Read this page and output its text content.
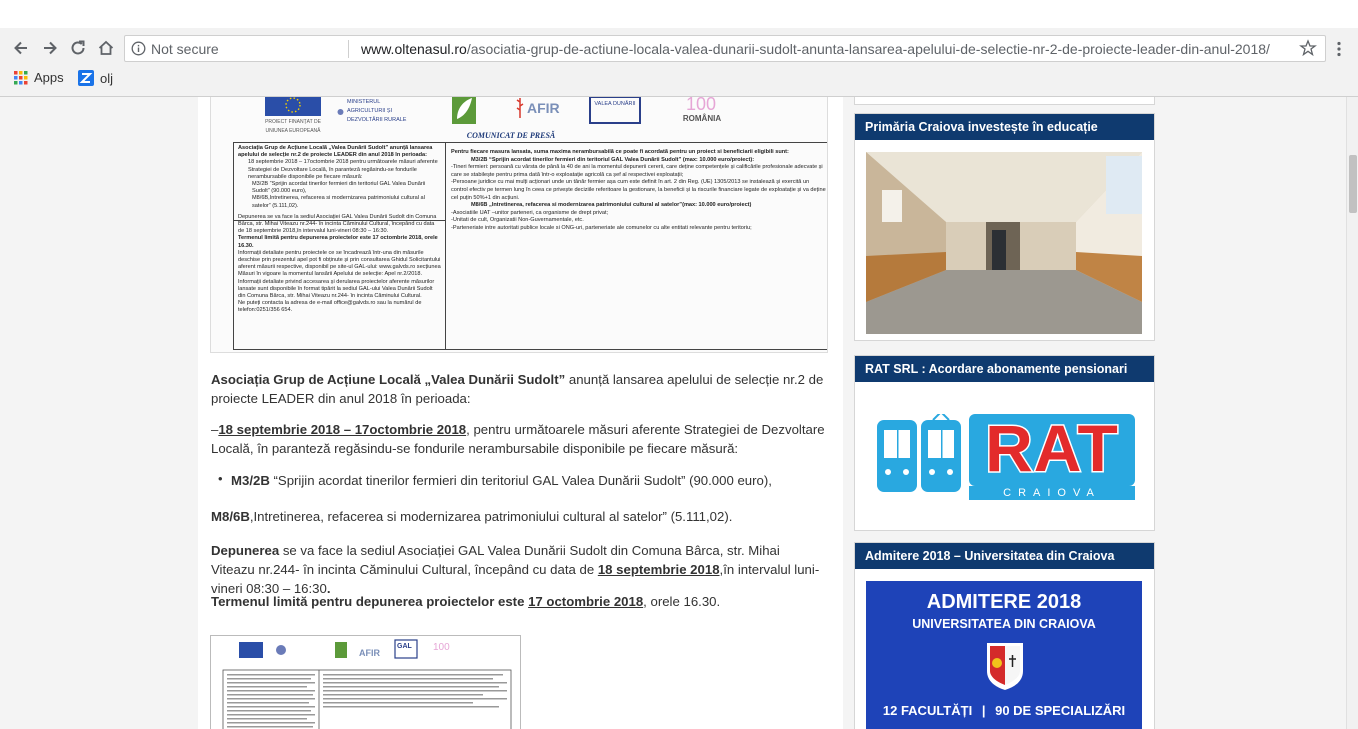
Not secure	www.oltenasul.ro/asociatia-grup-de-actiune-locala-valea-dunarii-sudolt-anunta-lansarea-apelului-de-selectie-nr-2-de-proiecte-leader-din-anul-2018/
Apps	olj
PROIECT FINANȚAT DE UNIUNEA EUROPEANĂ
MINISTERUL AGRICULTURII ȘI DEZVOLTĂRII RURALE
AFIR	VALEA DUNĂRII	100
ROMÂNIA
COMUNICAT DE PRESĂ
Asociația Grup de Acțiune Locală „Valea Dunării Sudolt” anunță lansarea apelului de selecție nr.2 de proiecte LEADER din anul 2018 în perioada:
18 septembrie 2018 – 17octombrie 2018 pentru următoarele măsuri aferente Strategiei de Dezvoltare Locală, în paranteză regăsindu-se fondurile nerambursabile disponibile pe fiecare măsură:
M3/2B “Sprijin acordat tinerilor fermieri din teritoriul GAL Valea Dunării Sudolt” (90.000 euro),
M8/6B,Intretinerea, refacerea si modernizarea patrimoniului cultural al satelor” (5.111,02).
Depunerea se va face la sediul Asociației GAL Valea Dunării Sudolt din Comuna Bârca, str. Mihai Viteazu nr.244- în incinta Căminului Cultural, începând cu data de 18 septembrie 2018,în intervalul luni-vineri 08:30 – 16:30.
Termenul limită pentru depunerea proiectelor este 17 octombrie 2018, orele 16.30.
Informații detaliate pentru proiectele ce se încadrează într-una din măsurile deschise prin prezentul apel pot fi obținute și prin consultarea Ghidul Solicitantului aferent măsurii respective, disponibil pe site-ul GAL-ului: www.galvds.ro secțiunea Măsuri în vigoare la momentul lansării Apelului de selecție: Apel nr.2/2018.
Informații detaliate privind accesarea și derularea proiectelor aferente măsurilor lansate sunt disponibile în format tipărit la sediul GAL-ului Valea Dunării Sudolt din Comuna Bârca, str. Mihai Viteazu nr.244- în incinta Căminului Cultural.
Ne puteți contacta la adresa de e-mail office@galvds.ro sau la numărul de telefon:0251/356 654.
Pentru fiecare masura lansata, suma maxima nerambursabilă ce poate fi acordată pentru un proiect si beneficiarii eligibili sunt:
M3/2B “Sprijin acordat tinerilor fermieri din teritoriul GAL Valea Dunării Sudolt” (max: 10.000 euro/proiect):
-Tineri fermieri: persoană cu vârsta de până la 40 de ani la momentul depunerii cererii, care deține competențele și calificările profesionale adecvate și care se stabilește pentru prima dată într-o exploatație agricolă ca șef al respectivei exploatații;
-Persoane juridice cu mai mulți acționari unde un tânăr fermier așa cum este definit în art. 2 din Reg. (UE) 1305/2013 se instalează și exercită un control efectiv pe termen lung în ceea ce privește deciziile referitoare la gestionare, la beneficii și la riscurile financiare legate de exploatație și va deține cel puțin 50%+1 din acțiuni.
M8/6B „Intretinerea, refacerea si modernizarea patrimoniului cultural al satelor”(max: 10.000 euro/proiect)
-Asociatiile UAT –unitor parteneri, ca organisme de drept privat;
-Unitati de cult, Organizatii Non-Guvernamentale, etc.
-Parteneriate intre autoritati publice locale si ONG-uri, parteneriate ale comunelor cu alte entitati relevante pentru teritoriu;

Asociația Grup de Acțiune Locală „Valea Dunării Sudolt” anunță lansarea apelului de selecție nr.2 de proiecte LEADER din anul 2018 în perioada:

–18 septembrie 2018 – 17octombrie 2018, pentru următoarele măsuri aferente Strategiei de Dezvoltare Locală, în paranteză regăsindu-se fondurile nerambursabile disponibile pe fiecare măsură:

• M3/2B “Sprijin acordat tinerilor fermieri din teritoriul GAL Valea Dunării Sudolt” (90.000 euro),

M8/6B,Intretinerea, refacerea si modernizarea patrimoniului cultural al satelor” (5.111,02).

Depunerea se va face la sediul Asociației GAL Valea Dunării Sudolt din Comuna Bârca, str. Mihai Viteazu nr.244- în incinta Căminului Cultural, începând cu data de 18 septembrie 2018,în intervalul luni-vineri 08:30 – 16:30.

Termenul limită pentru depunerea proiectelor este 17 octombrie 2018, orele 16.30.

AFIR
GAL 100
Primăria Craiova investește în educație
RAT SRL : Acordare abonamente pensionari
RAT
CRAIOVA
Admitere 2018 – Universitatea din Craiova
ADMITERE 2018
UNIVERSITATEA DIN CRAIOVA
12 FACULTĂȚI | 90 DE SPECIALIZĂRI
